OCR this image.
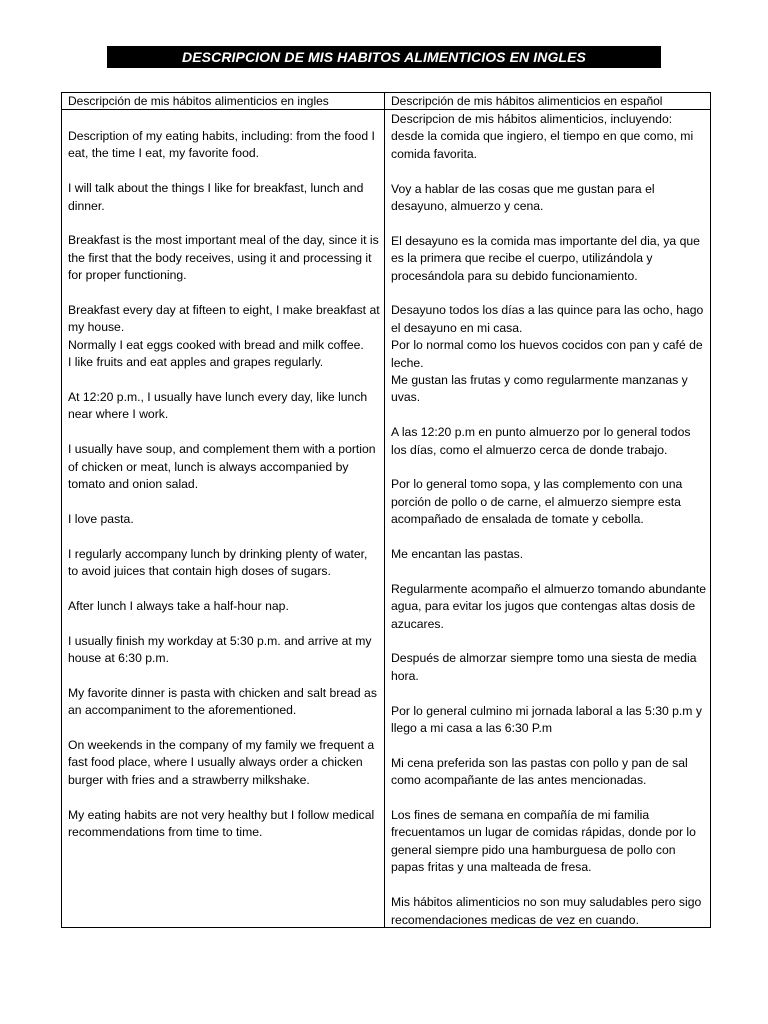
DESCRIPCION DE MIS HABITOS ALIMENTICIOS EN INGLES
Descripción de mis hábitos alimenticios en ingles	Descripción de mis hábitos alimenticios en español

Description of my eating habits, including: from the food I eat, the time I eat, my favorite food.

I will talk about the things I like for breakfast, lunch and dinner.

Breakfast is the most important meal of the day, since it is the first that the body receives, using it and processing it for proper functioning.

Breakfast every day at fifteen to eight, I make breakfast at my house.
Normally I eat eggs cooked with bread and milk coffee.
I like fruits and eat apples and grapes regularly.

At 12:20 p.m., I usually have lunch every day, like lunch near where I work.

I usually have soup, and complement them with a portion of chicken or meat, lunch is always accompanied by tomato and onion salad.

I love pasta.

I regularly accompany lunch by drinking plenty of water, to avoid juices that contain high doses of sugars.

After lunch I always take a half-hour nap.

I usually finish my workday at 5:30 p.m. and arrive at my house at 6:30 p.m.

My favorite dinner is pasta with chicken and salt bread as an accompaniment to the aforementioned.

On weekends in the company of my family we frequent a fast food place, where I usually always order a chicken burger with fries and a strawberry milkshake.

My eating habits are not very healthy but I follow medical recommendations from time to time.

Descripcion de mis hábitos alimenticios, incluyendo: desde la comida que ingiero, el tiempo en que como, mi comida favorita.

Voy a hablar de las cosas que me gustan para el desayuno, almuerzo y cena.

El desayuno es la comida mas importante del dia, ya que es la primera que recibe el cuerpo, utilizándola y procesándola para su debido funcionamiento.

Desayuno todos los días a las quince para las ocho, hago el desayuno en mi casa.
Por lo normal como los huevos cocidos con pan y café de leche.
Me gustan las frutas y como regularmente manzanas y uvas.

A las 12:20 p.m en punto almuerzo por lo general todos los días, como el almuerzo cerca de donde trabajo.

Por lo general tomo sopa, y las complemento con una porción de pollo o de carne, el almuerzo siempre esta acompañado de ensalada de tomate y cebolla.

Me encantan las pastas.

Regularmente acompaño el almuerzo tomando abundante agua, para evitar los jugos que contengas altas dosis de azucares.

Después de almorzar siempre tomo una siesta de media hora.

Por lo general culmino mi jornada laboral a las 5:30 p.m y llego a mi casa a las 6:30 P.m

Mi cena preferida son las pastas con pollo y pan de sal como acompañante de las antes mencionadas.

Los fines de semana en compañía de mi familia frecuentamos un lugar de comidas rápidas, donde por lo general siempre pido una hamburguesa de pollo con papas fritas y una malteada de fresa.

Mis hábitos alimenticios no son muy saludables pero sigo recomendaciones medicas de vez en cuando.
